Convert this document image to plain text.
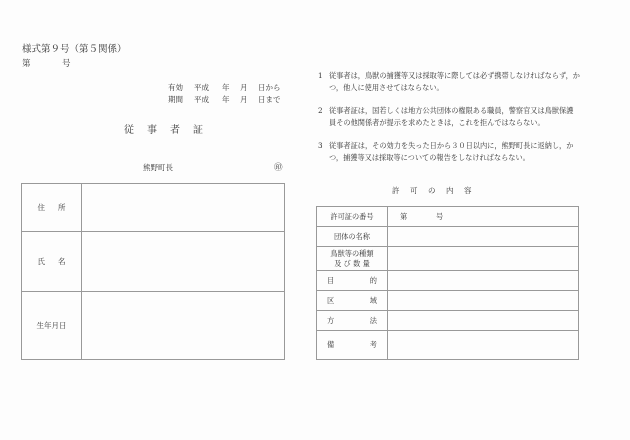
様式第９号（第５関係）
第	号
有効 平成 年 月 日から
期間 平成 年 月 日まで
従 事 者 証
熊野町長	㊞
住 所	
氏 名	
生年月日	
1 従事者は，鳥獣の捕獲等又は採取等に際しては必ず携帯しなければならず，かつ，他人に使用させてはならない。
2 従事者証は，国若しくは地方公共団体の権限ある職員，警察官又は鳥獣保護員その他関係者が提示を求めたときは，これを拒んではならない。
3 従事者証は，その効力を失った日から３０日以内に，熊野町長に返納し，かつ，捕獲等又は採取等についての報告をしなければならない。
許 可 の 内 容
許可証の番号	第 号
団体の名称	

鳥獣等の種類
及 び 数 量	

目的	
区域	
方法	
備考	
